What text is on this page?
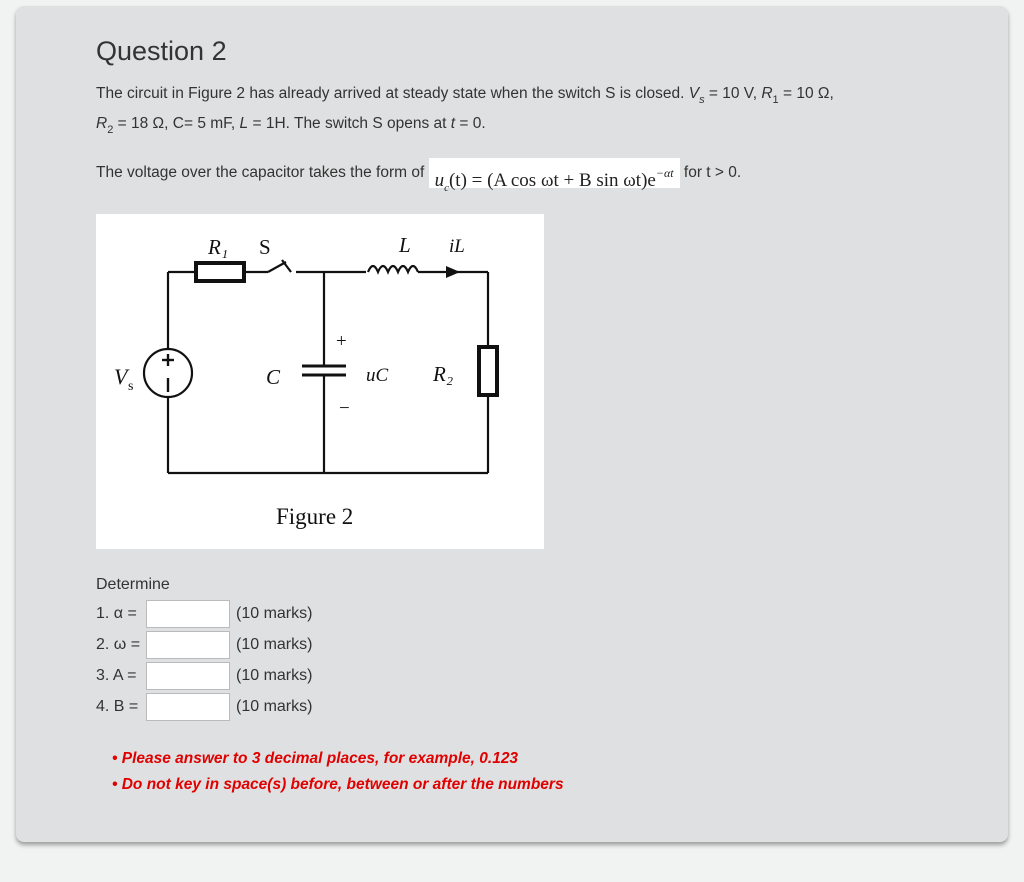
Question 2
The circuit in Figure 2 has already arrived at steady state when the switch S is closed. $V_s = 10$ V, $R_1 = 10$ Ω,
$R_2 = 18$ Ω, C= 5 mF, L = 1H. The switch S opens at t = 0.
The voltage over the capacitor takes the form of $u_c(t) = (A$ cos ωt + B $\sin \omega t)e^{-\alpha t}$ for t > 0.
R₁ S	L iL
V s	C
+
−
uC R₂
Figure 2
Determine
1. α =	(10 marks)
2. ω =	(10 marks)
3. A =	(10 marks)
4. B =	(10 marks)
• Please answer to 3 decimal places, for example, 0.123
• Do not key in space(s) before, between or after the numbers
